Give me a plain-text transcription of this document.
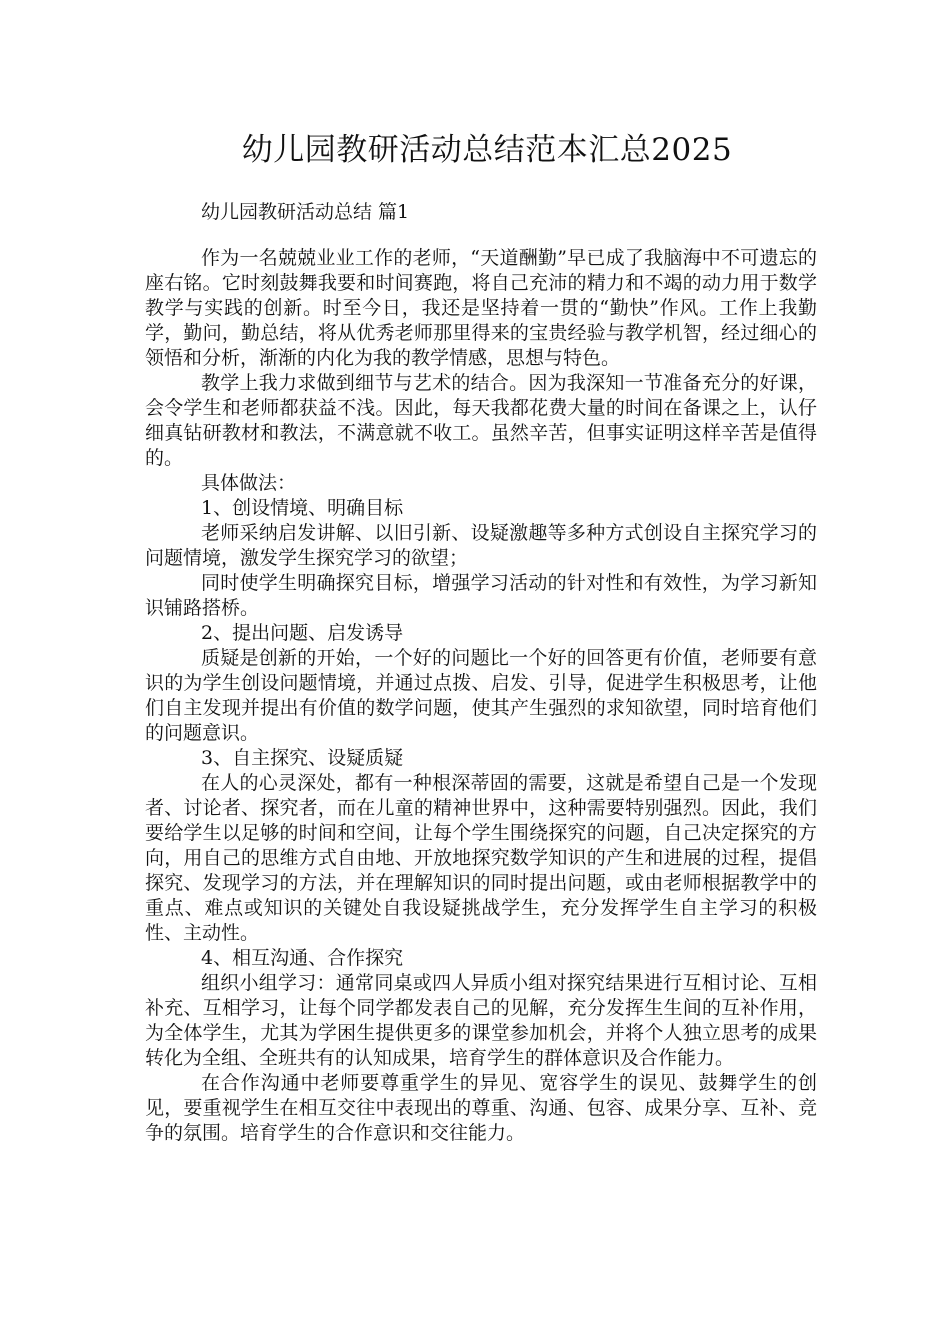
幼儿园教研活动总结范本汇总2025
幼儿园教研活动总结 篇1

作为一名兢兢业业工作的老师，“天道酬勤”早已成了我脑海中不可遗忘的座右铭。它时刻鼓舞我要和时间赛跑，将自己充沛的精力和不竭的动力用于数学教学与实践的创新。时至今日，我还是坚持着一贯的“勤快”作风。工作上我勤学，勤问，勤总结，将从优秀老师那里得来的宝贵经验与教学机智，经过细心的领悟和分析，渐渐的内化为我的教学情感，思想与特色。

教学上我力求做到细节与艺术的结合。因为我深知一节准备充分的好课，会令学生和老师都获益不浅。因此，每天我都花费大量的时间在备课之上，认仔细真钻研教材和教法，不满意就不收工。虽然辛苦，但事实证明这样辛苦是值得的。

具体做法：

1、创设情境、明确目标

老师采纳启发讲解、以旧引新、设疑激趣等多种方式创设自主探究学习的问题情境，激发学生探究学习的欲望；

同时使学生明确探究目标，增强学习活动的针对性和有效性，为学习新知识铺路搭桥。

2、提出问题、启发诱导

质疑是创新的开始，一个好的问题比一个好的回答更有价值，老师要有意识的为学生创设问题情境，并通过点拨、启发、引导，促进学生积极思考，让他们自主发现并提出有价值的数学问题，使其产生强烈的求知欲望，同时培育他们的问题意识。

3、自主探究、设疑质疑

在人的心灵深处，都有一种根深蒂固的需要，这就是希望自己是一个发现者、讨论者、探究者，而在儿童的精神世界中，这种需要特别强烈。因此，我们要给学生以足够的时间和空间，让每个学生围绕探究的问题，自己决定探究的方向，用自己的思维方式自由地、开放地探究数学知识的产生和进展的过程，提倡探究、发现学习的方法，并在理解知识的同时提出问题，或由老师根据教学中的重点、难点或知识的关键处自我设疑挑战学生，充分发挥学生自主学习的积极性、主动性。

4、相互沟通、合作探究

组织小组学习：通常同桌或四人异质小组对探究结果进行互相讨论、互相补充、互相学习，让每个同学都发表自己的见解，充分发挥生生间的互补作用，为全体学生，尤其为学困生提供更多的课堂参加机会，并将个人独立思考的成果转化为全组、全班共有的认知成果，培育学生的群体意识及合作能力。

在合作沟通中老师要尊重学生的异见、宽容学生的误见、鼓舞学生的创见，要重视学生在相互交往中表现出的尊重、沟通、包容、成果分享、互补、竞争的氛围。培育学生的合作意识和交往能力。
